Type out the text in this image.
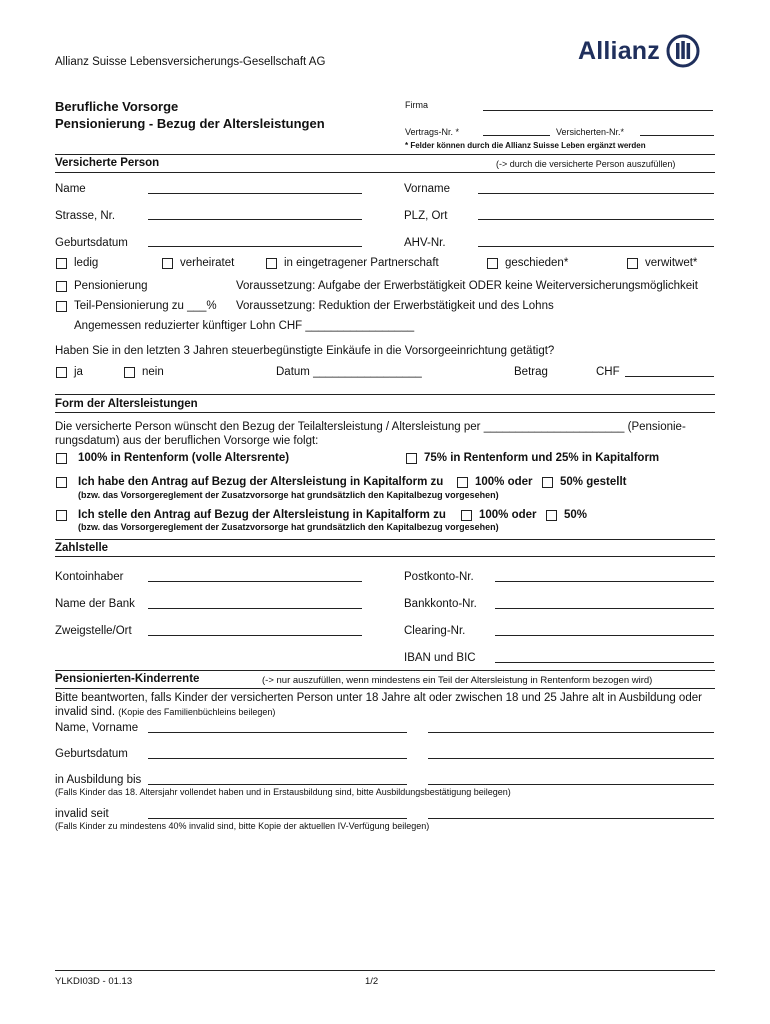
Allianz Suisse Lebensversicherungs-Gesellschaft AG	Allianz
Berufliche Vorsorge
Pensionierung - Bezug der Altersleistungen
Firma
Vertrags-Nr. *	Versicherten-Nr.*
* Felder können durch die Allianz Suisse Leben ergänzt werden
Versicherte Person	(-> durch die versicherte Person auszufüllen)
Name	Vorname
Strasse, Nr.	PLZ, Ort
Geburtsdatum	AHV-Nr.
ledig	verheiratet	in eingetragener Partnerschaft	geschieden*	verwitwet*
Pensionierung	Voraussetzung: Aufgabe der Erwerbstätigkeit ODER keine Weiterversicherungsmöglichkeit
Teil-Pensionierung zu ___% Voraussetzung: Reduktion der Erwerbstätigkeit und des Lohns
Angemessen reduzierter künftiger Lohn CHF _________________
Haben Sie in den letzten 3 Jahren steuerbegünstigte Einkäufe in die Vorsorgeeinrichtung getätigt?
ja	nein	Datum _________________	Betrag	CHF
Form der Altersleistungen
Die versicherte Person wünscht den Bezug der Teilaltersleistung / Altersleistung per ______________________ (Pensionie-
rungsdatum) aus der beruflichen Vorsorge wie folgt:
100% in Rentenform (volle Altersrente)	75% in Rentenform und 25% in Kapitalform
Ich habe den Antrag auf Bezug der Altersleistung in Kapitalform zu	100% oder 50% gestellt
(bzw. das Vorsorgereglement der Zusatzvorsorge hat grundsätzlich den Kapitalbezug vorgesehen)
Ich stelle den Antrag auf Bezug der Altersleistung in Kapitalform zu	100% oder 50%
(bzw. das Vorsorgereglement der Zusatzvorsorge hat grundsätzlich den Kapitalbezug vorgesehen)
Zahlstelle
Kontoinhaber	Postkonto-Nr.
Name der Bank	Bankkonto-Nr.
Zweigstelle/Ort	Clearing-Nr.
IBAN und BIC
Pensionierten-Kinderrente	(-> nur auszufüllen, wenn mindestens ein Teil der Altersleistung in Rentenform bezogen wird)
Bitte beantworten, falls Kinder der versicherten Person unter 18 Jahre alt oder zwischen 18 und 25 Jahre alt in Ausbildung oder
invalid sind. (Kopie des Familienbüchleins beilegen)
Name, Vorname
Geburtsdatum
in Ausbildung bis
(Falls Kinder das 18. Altersjahr vollendet haben und in Erstausbildung sind, bitte Ausbildungsbestätigung beilegen)
invalid seit
(Falls Kinder zu mindestens 40% invalid sind, bitte Kopie der aktuellen IV-Verfügung beilegen)
YLKDI03D - 01.13	1/2
